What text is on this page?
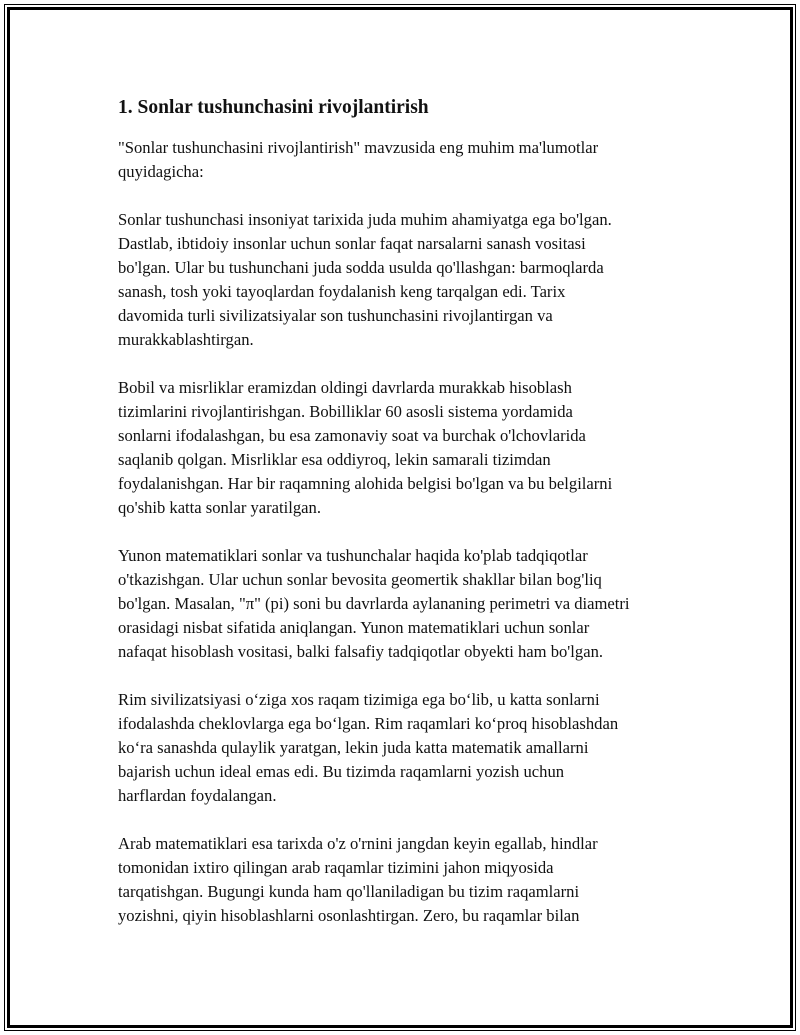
1. Sonlar tushunchasini rivojlantirish

"Sonlar tushunchasini rivojlantirish" mavzusida eng muhim ma'lumotlar
quyidagicha:

Sonlar tushunchasi insoniyat tarixida juda muhim ahamiyatga ega bo'lgan.
Dastlab, ibtidoiy insonlar uchun sonlar faqat narsalarni sanash vositasi
bo'lgan. Ular bu tushunchani juda sodda usulda qo'llashgan: barmoqlarda
sanash, tosh yoki tayoqlardan foydalanish keng tarqalgan edi. Tarix
davomida turli sivilizatsiyalar son tushunchasini rivojlantirgan va
murakkablashtirgan.

Bobil va misrliklar eramizdan oldingi davrlarda murakkab hisoblash
tizimlarini rivojlantirishgan. Bobilliklar 60 asosli sistema yordamida
sonlarni ifodalashgan, bu esa zamonaviy soat va burchak o'lchovlarida
saqlanib qolgan. Misrliklar esa oddiyroq, lekin samarali tizimdan
foydalanishgan. Har bir raqamning alohida belgisi bo'lgan va bu belgilarni
qo'shib katta sonlar yaratilgan.

Yunon matematiklari sonlar va tushunchalar haqida ko'plab tadqiqotlar
o'tkazishgan. Ular uchun sonlar bevosita geomertik shakllar bilan bog'liq
bo'lgan. Masalan, "π" (pi) soni bu davrlarda aylananing perimetri va diametri
orasidagi nisbat sifatida aniqlangan. Yunon matematiklari uchun sonlar
nafaqat hisoblash vositasi, balki falsafiy tadqiqotlar obyekti ham bo'lgan.

Rim sivilizatsiyasi o‘ziga xos raqam tizimiga ega bo‘lib, u katta sonlarni
ifodalashda cheklovlarga ega bo‘lgan. Rim raqamlari ko‘proq hisoblashdan
ko‘ra sanashda qulaylik yaratgan, lekin juda katta matematik amallarni
bajarish uchun ideal emas edi. Bu tizimda raqamlarni yozish uchun
harflardan foydalangan.

Arab matematiklari esa tarixda o'z o'rnini jangdan keyin egallab, hindlar
tomonidan ixtiro qilingan arab raqamlar tizimini jahon miqyosida
tarqatishgan. Bugungi kunda ham qo'llaniladigan bu tizim raqamlarni
yozishni, qiyin hisoblashlarni osonlashtirgan. Zero, bu raqamlar bilan
